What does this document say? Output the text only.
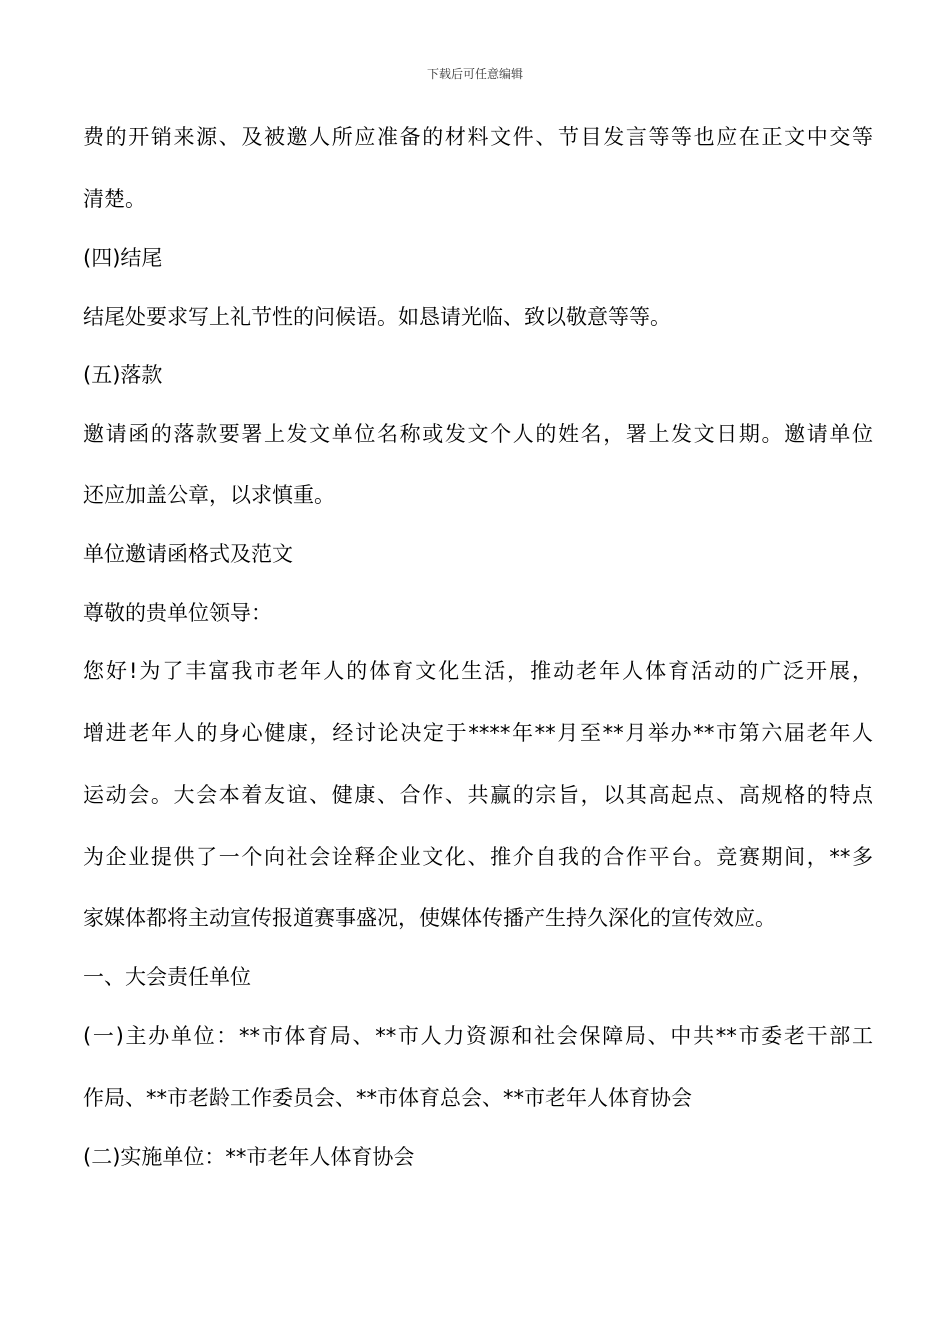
下载后可任意编辑
费的开销来源、及被邀人所应准备的材料文件、节目发言等等也应在正文中交等
清楚。
(四)结尾
结尾处要求写上礼节性的问候语。如恳请光临、致以敬意等等。
(五)落款
邀请函的落款要署上发文单位名称或发文个人的姓名，署上发文日期。邀请单位
还应加盖公章，以求慎重。
单位邀请函格式及范文
尊敬的贵单位领导：
您好!为了丰富我市老年人的体育文化生活，推动老年人体育活动的广泛开展，
增进老年人的身心健康，经讨论决定于****年**月至**月举办**市第六届老年人
运动会。大会本着友谊、健康、合作、共赢的宗旨，以其高起点、高规格的特点
为企业提供了一个向社会诠释企业文化、推介自我的合作平台。竞赛期间，**多
家媒体都将主动宣传报道赛事盛况，使媒体传播产生持久深化的宣传效应。
一、大会责任单位
(一)主办单位：**市体育局、**市人力资源和社会保障局、中共**市委老干部工
作局、**市老龄工作委员会、**市体育总会、**市老年人体育协会
(二)实施单位：**市老年人体育协会
